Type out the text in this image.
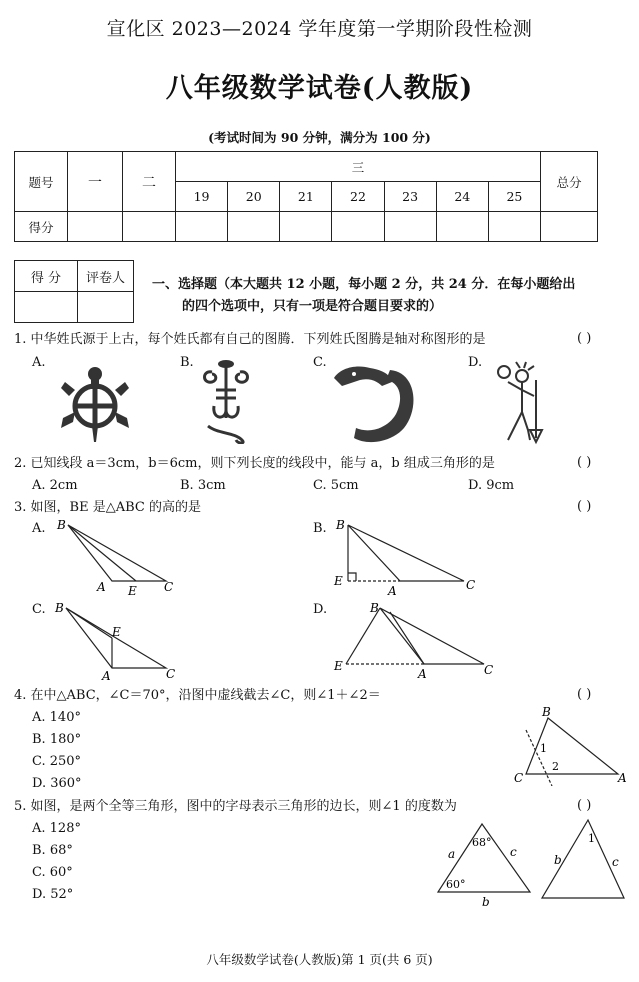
宣化区 2023—2024 学年度第一学期阶段性检测
八年级数学试卷(人教版)
(考试时间为 90 分钟，满分为 100 分)
题号	一	二	三							总分
			19	20	21	22	23	24	25	
得分										
得 分	评卷人
	一、选择题（本大题共 12 小题，每小题 2 分，共 24 分．在每小题给出
的四个选项中，只有一项是符合题目要求的）
1. 中华姓氏源于上古，每个姓氏都有自己的图腾．下列姓氏图腾是轴对称图形的是	( )
A.	B.	C.	D.
2. 已知线段 a＝3cm，b＝6cm，则下列长度的线段中，能与 a，b 组成三角形的是	( )
A. 2cm	B. 3cm	C. 5cm	D. 9cm
3. 如图，BE 是△ABC 的高的是	( )
A.	B.
C.	D.
B
A E C
B
E
A	C
B
E
A	C
B
E
A	C
4. 在中△ABC，∠C＝70°，沿图中虚线截去∠C，则∠1＋∠2＝	( )
A. 140°
B. 180°
C. 250°
D. 360°
B
C	A
1
2
5. 如图，是两个全等三角形，图中的字母表示三角形的边长，则∠1 的度数为	( )
A. 128°
B. 68°
C. 60°
D. 52°
68°
60°
a	c
b
1
b	c
八年级数学试卷(人教版)第 1 页(共 6 页)
